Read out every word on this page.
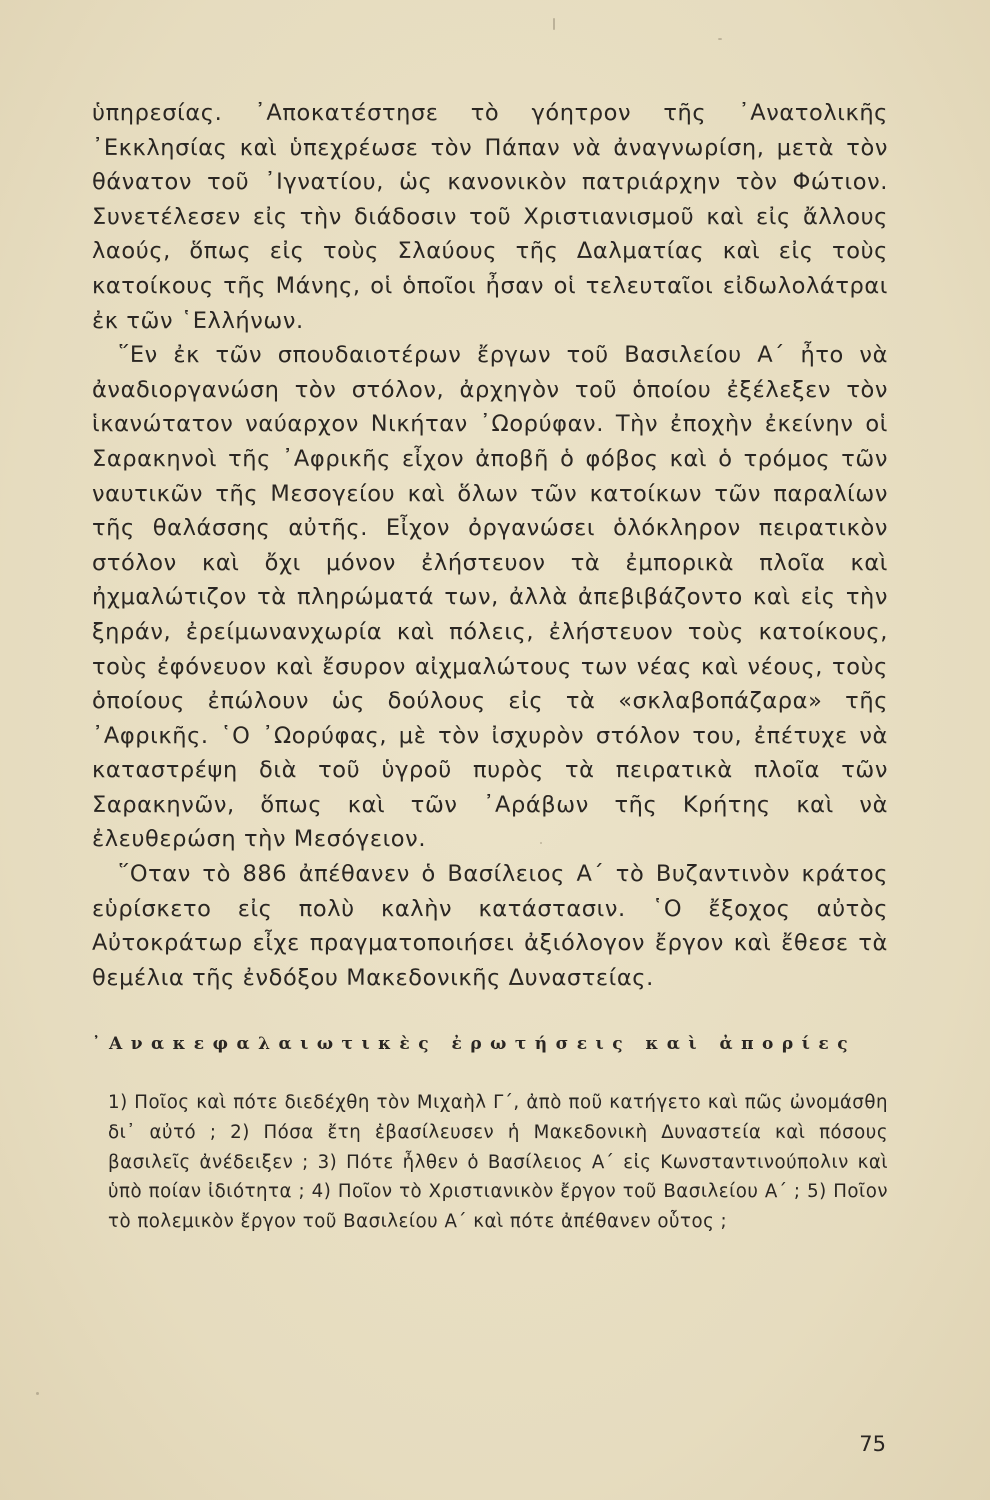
ὑπηρεσίας. ᾿Αποκατέστησε τὸ γόητρον τῆς ᾿Ανατολικῆς ᾿Εκκλησίας καὶ ὑπεχρέωσε τὸν Πάπαν νὰ ἀναγνωρίση, μετὰ τὸν θάνατον τοῦ ᾿Ιγνατίου, ὡς κανονικὸν πατριάρχην τὸν Φώτιον. Συνετέλεσεν εἰς τὴν διάδοσιν τοῦ Χριστιανισμοῦ καὶ εἰς ἄλλους λαούς, ὅπως εἰς τοὺς Σλαύους τῆς Δαλματίας καὶ εἰς τοὺς κατοίκους τῆς Μάνης, οἱ ὁποῖοι ἦσαν οἱ τελευταῖοι εἰδωλολάτραι ἐκ τῶν ῾Ελλήνων.

῞Εν ἐκ τῶν σπουδαιοτέρων ἔργων τοῦ Βασιλείου Α΄ ἦτο νὰ ἀναδιοργανώση τὸν στόλον, ἀρχηγὸν τοῦ ὁποίου ἐξέλεξεν τὸν ἱκανώτατον ναύαρχον Νικήταν ᾿Ωορύφαν. Τὴν ἐποχὴν ἐκείνην οἱ Σαρακηνοὶ τῆς ᾿Αφρικῆς εἶχον ἀποβῆ ὁ φόβος καὶ ὁ τρόμος τῶν ναυτικῶν τῆς Μεσογείου καὶ ὅλων τῶν κατοίκων τῶν παραλίων τῆς θαλάσσης αὐτῆς. Εἶχον ὀργανώσει ὁλόκληρον πειρατικὸν στόλον καὶ ὄχι μόνον ἐλήστευον τὰ ἐμπορικὰ πλοῖα καὶ ἠχμαλώτιζον τὰ πληρώματά των, ἀλλὰ ἀπεβιβάζοντο καὶ εἰς τὴν ξηράν, ἐρείμωνανχωρία καὶ πόλεις, ἐλήστευον τοὺς κατοίκους, τοὺς ἐφόνευον καὶ ἔσυρον αἰχμαλώτους των νέας καὶ νέους, τοὺς ὁποίους ἐπώλουν ὡς δούλους εἰς τὰ «σκλαβοπάζαρα» τῆς ᾿Αφρικῆς. ῾Ο ᾿Ωορύφας, μὲ τὸν ἰσχυρὸν στόλον του, ἐπέτυχε νὰ καταστρέψη διὰ τοῦ ὑγροῦ πυρὸς τὰ πειρατικὰ πλοῖα τῶν Σαρακηνῶν, ὅπως καὶ τῶν ᾿Αράβων τῆς Κρήτης καὶ νὰ ἐλευθερώση τὴν Μεσόγειον.

῞Οταν τὸ 886 ἀπέθανεν ὁ Βασίλειος Α΄ τὸ Βυζαντινὸν κράτος εὑρίσκετο εἰς πολὺ καλὴν κατάστασιν. ῾Ο ἔξοχος αὐτὸς Αὐτοκράτωρ εἶχε πραγματοποιήσει ἀξιόλογον ἔργον καὶ ἔθεσε τὰ θεμέλια τῆς ἐνδόξου Μακεδονικῆς Δυναστείας.

᾿Ανακεφαλαιωτικὲς ἐρωτήσεις καὶ ἀπορίες

1) Ποῖος καὶ πότε διεδέχθη τὸν Μιχαὴλ Γ΄, ἀπὸ ποῦ κατήγετο καὶ πῶς ὠνομάσθη δι᾿ αὐτό ; 2) Πόσα ἔτη ἐβασίλευσεν ἡ Μακεδονικὴ Δυναστεία καὶ πόσους βασιλεῖς ἀνέδειξεν ; 3) Πότε ἦλθεν ὁ Βασίλειος Α΄ εἰς Κωνσταντινούπολιν καὶ ὑπὸ ποίαν ἰδιότητα ; 4) Ποῖον τὸ Χριστιανικὸν ἔργον τοῦ Βασιλείου Α΄ ; 5) Ποῖον τὸ πολεμικὸν ἔργον τοῦ Βασιλείου Α΄ καὶ πότε ἀπέθανεν οὗτος ;

75
